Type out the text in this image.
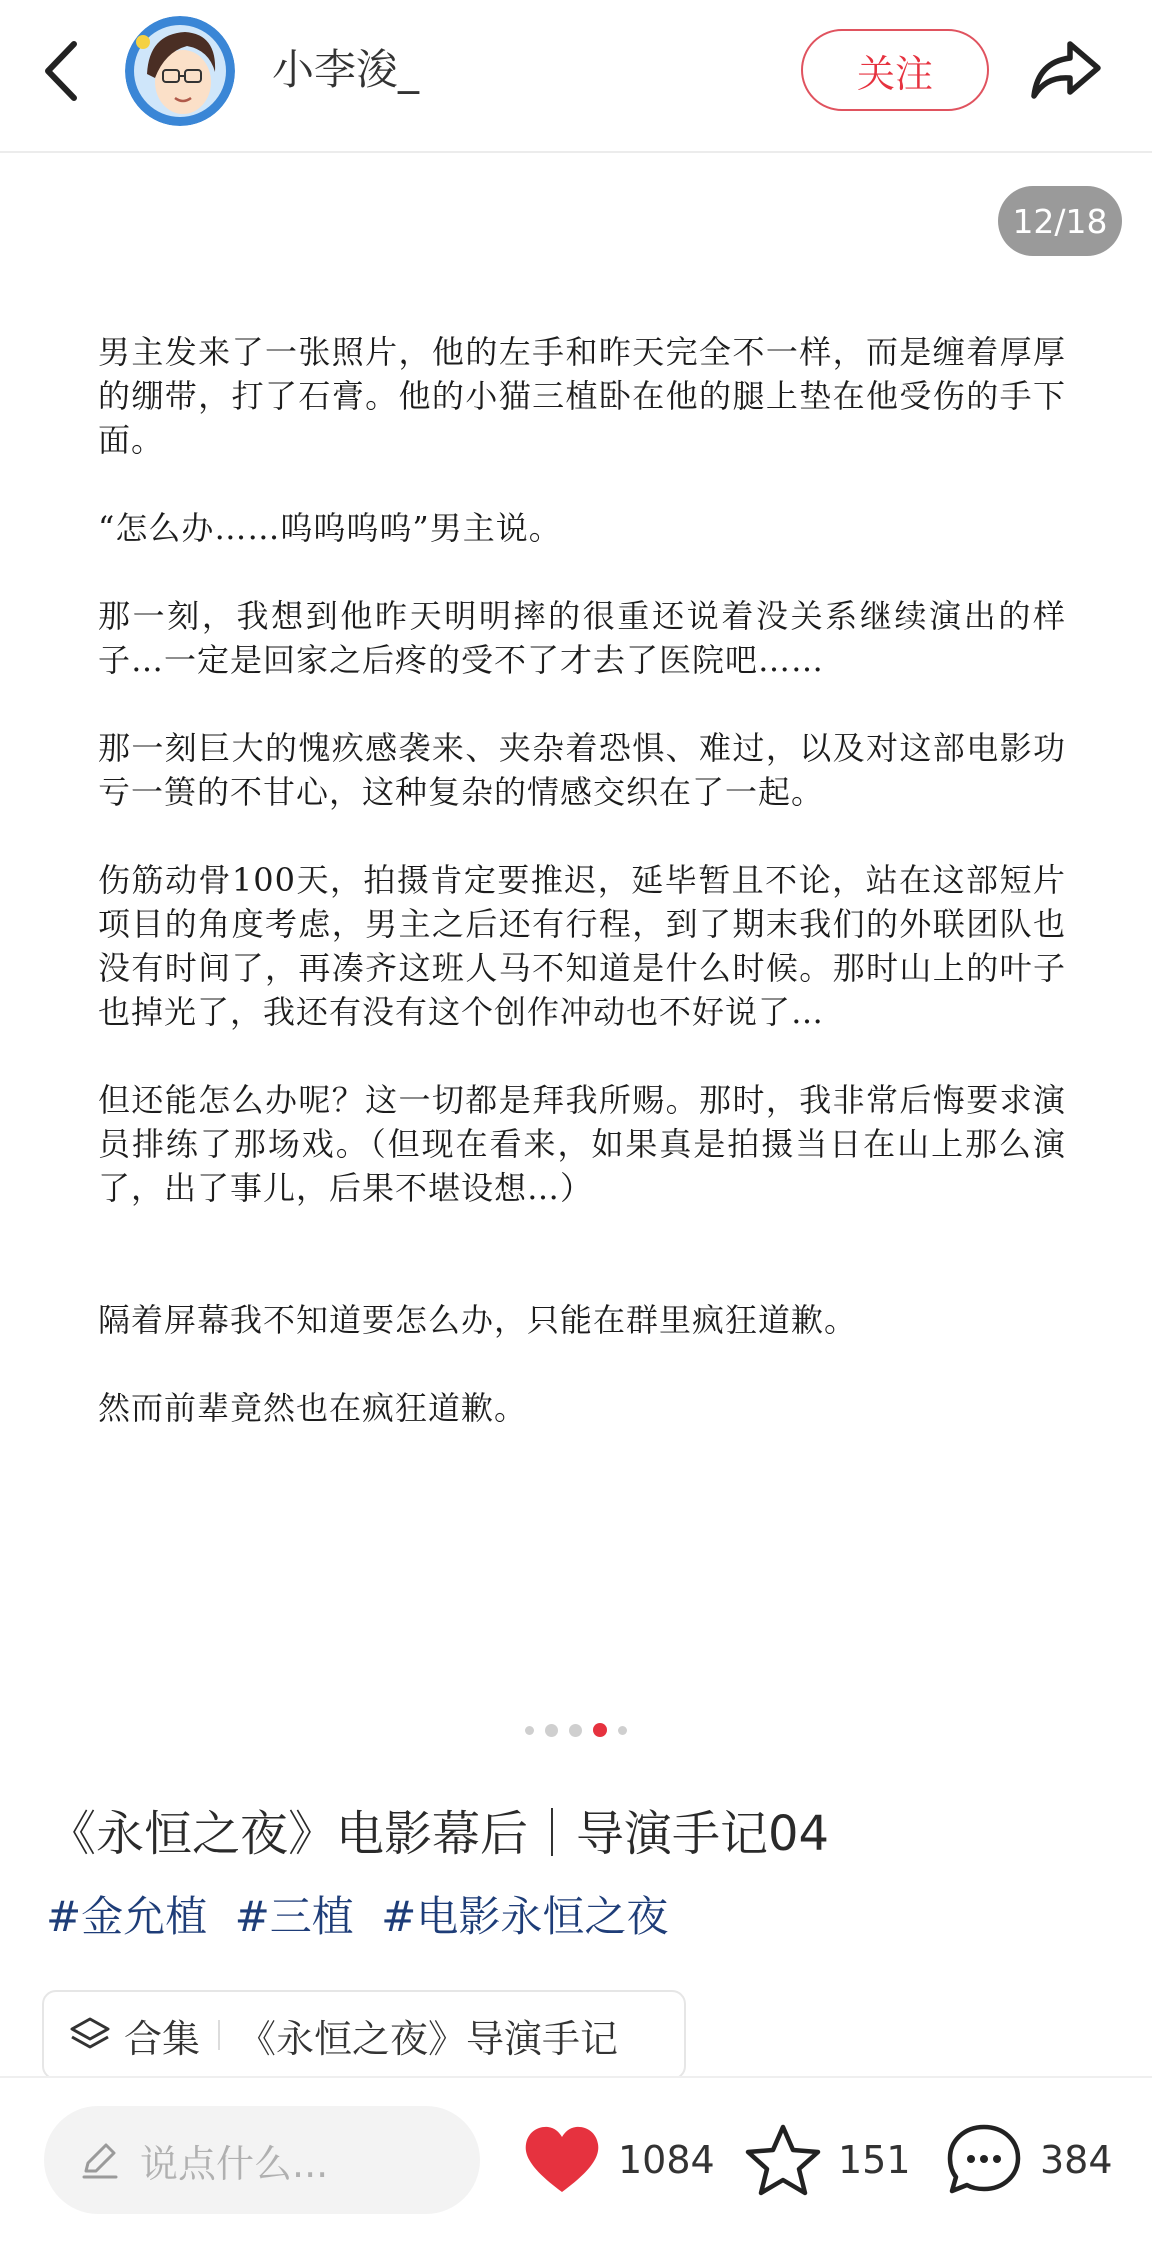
小李浚_	关注
12/18

男主发来了一张照片，他的左手和昨天完全不一样，而是缠着厚厚的绷带，打了石膏。他的小猫三植卧在他的腿上垫在他受伤的手下面。

“怎么办……呜呜呜呜”男主说。

那一刻，我想到他昨天明明摔的很重还说着没关系继续演出的样子…一定是回家之后疼的受不了才去了医院吧……

那一刻巨大的愧疚感袭来、夹杂着恐惧、难过，以及对这部电影功亏一篑的不甘心，这种复杂的情感交织在了一起。

伤筋动骨100天，拍摄肯定要推迟，延毕暂且不论，站在这部短片项目的角度考虑，男主之后还有行程，到了期末我们的外联团队也没有时间了，再凑齐这班人马不知道是什么时候。那时山上的叶子也掉光了，我还有没有这个创作冲动也不好说了…

但还能怎么办呢？这一切都是拜我所赐。那时，我非常后悔要求演员排练了那场戏。（但现在看来，如果真是拍摄当日在山上那么演了，出了事儿，后果不堪设想…）

隔着屏幕我不知道要怎么办，只能在群里疯狂道歉。

然而前辈竟然也在疯狂道歉。

《永恒之夜》电影幕后｜导演手记04
#金允植 #三植 #电影永恒之夜
合集 《永恒之夜》导演手记
说点什么...	1084	151	384
